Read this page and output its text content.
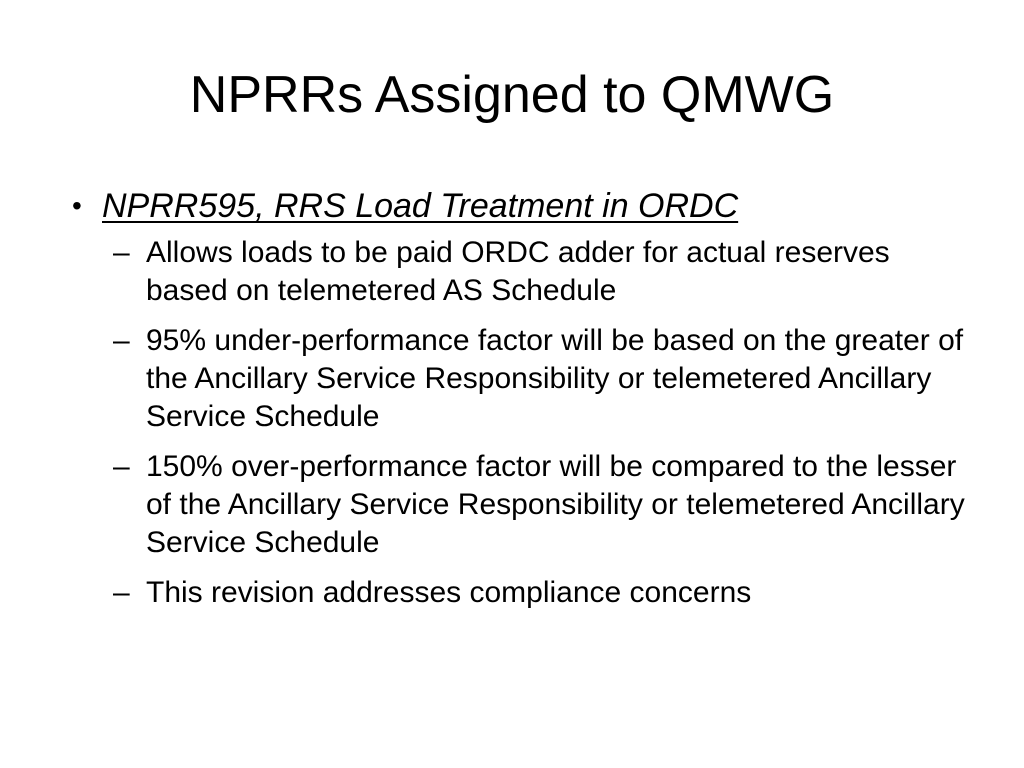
NPRRs Assigned to QMWG
• NPRR595, RRS Load Treatment in ORDC
– Allows loads to be paid ORDC adder for actual reserves based on telemetered AS Schedule
– 95% under-performance factor will be based on the greater of the Ancillary Service Responsibility or telemetered Ancillary Service Schedule
– 150% over-performance factor will be compared to the lesser of the Ancillary Service Responsibility or telemetered Ancillary Service Schedule
– This revision addresses compliance concerns
